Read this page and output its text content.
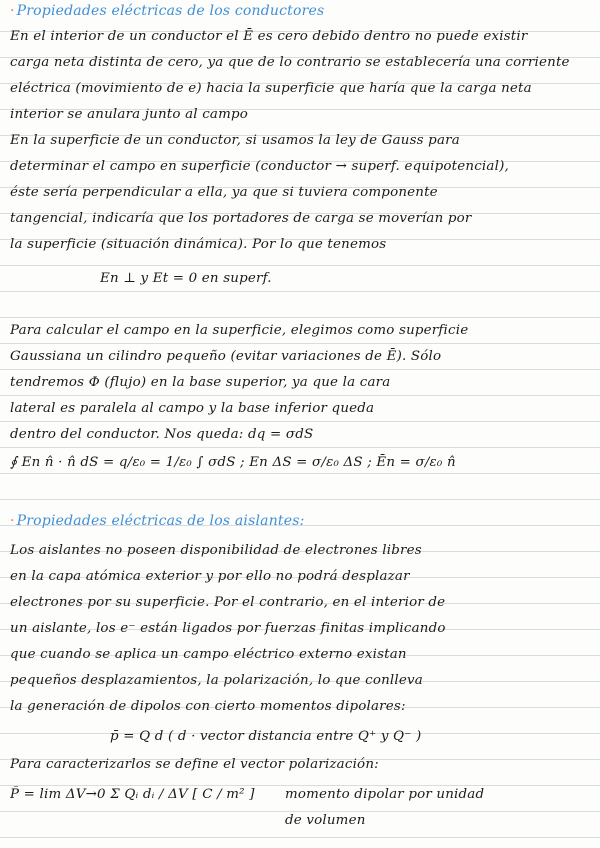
· Propiedades eléctricas de los conductores
En el interior de un conductor el Ē es cero debido dentro no puede existir
carga neta distinta de cero, ya que de lo contrario se establecería una corriente
eléctrica (movimiento de e) hacia la superficie que haría que la carga neta
interior se anulara junto al campo
En la superficie de un conductor, si usamos la ley de Gauss para
determinar el campo en superficie (conductor → superf. equipotencial),
éste sería perpendicular a ella, ya que si tuviera componente
tangencial, indicaría que los portadores de carga se moverían por
la superficie (situación dinámica). Por lo que tenemos
En ⊥ y Et = 0 en superf.
Para calcular el campo en la superficie, elegimos como superficie
Gaussiana un cilindro pequeño (evitar variaciones de Ē). Sólo
tendremos Φ (flujo) en la base superior, ya que la cara
lateral es paralela al campo y la base inferior queda
dentro del conductor. Nos queda: dq = σdS
∮ En n̂ · n̂ dS = q/ε₀ = 1/ε₀ ∫ σdS ; En ΔS = σ/ε₀ ΔS ; Ēn = σ/ε₀ n̂
· Propiedades eléctricas de los aislantes:
Los aislantes no poseen disponibilidad de electrones libres
en la capa atómica exterior y por ello no podrá desplazar
electrones por su superficie. Por el contrario, en el interior de
un aislante, los e⁻ están ligados por fuerzas finitas implicando
que cuando se aplica un campo eléctrico externo existan
pequeños desplazamientos, la polarización, lo que conlleva
la generación de dipolos con cierto momentos dipolares:
p̄ = Q d̄ ( d̄ · vector distancia entre Q⁺ y Q⁻ )
Para caracterizarlos se define el vector polarización:
P̄ = lim ΔV→0 Σ Qᵢ dᵢ / ΔV [ C / m² ]	momento dipolar por unidad
de volumen
